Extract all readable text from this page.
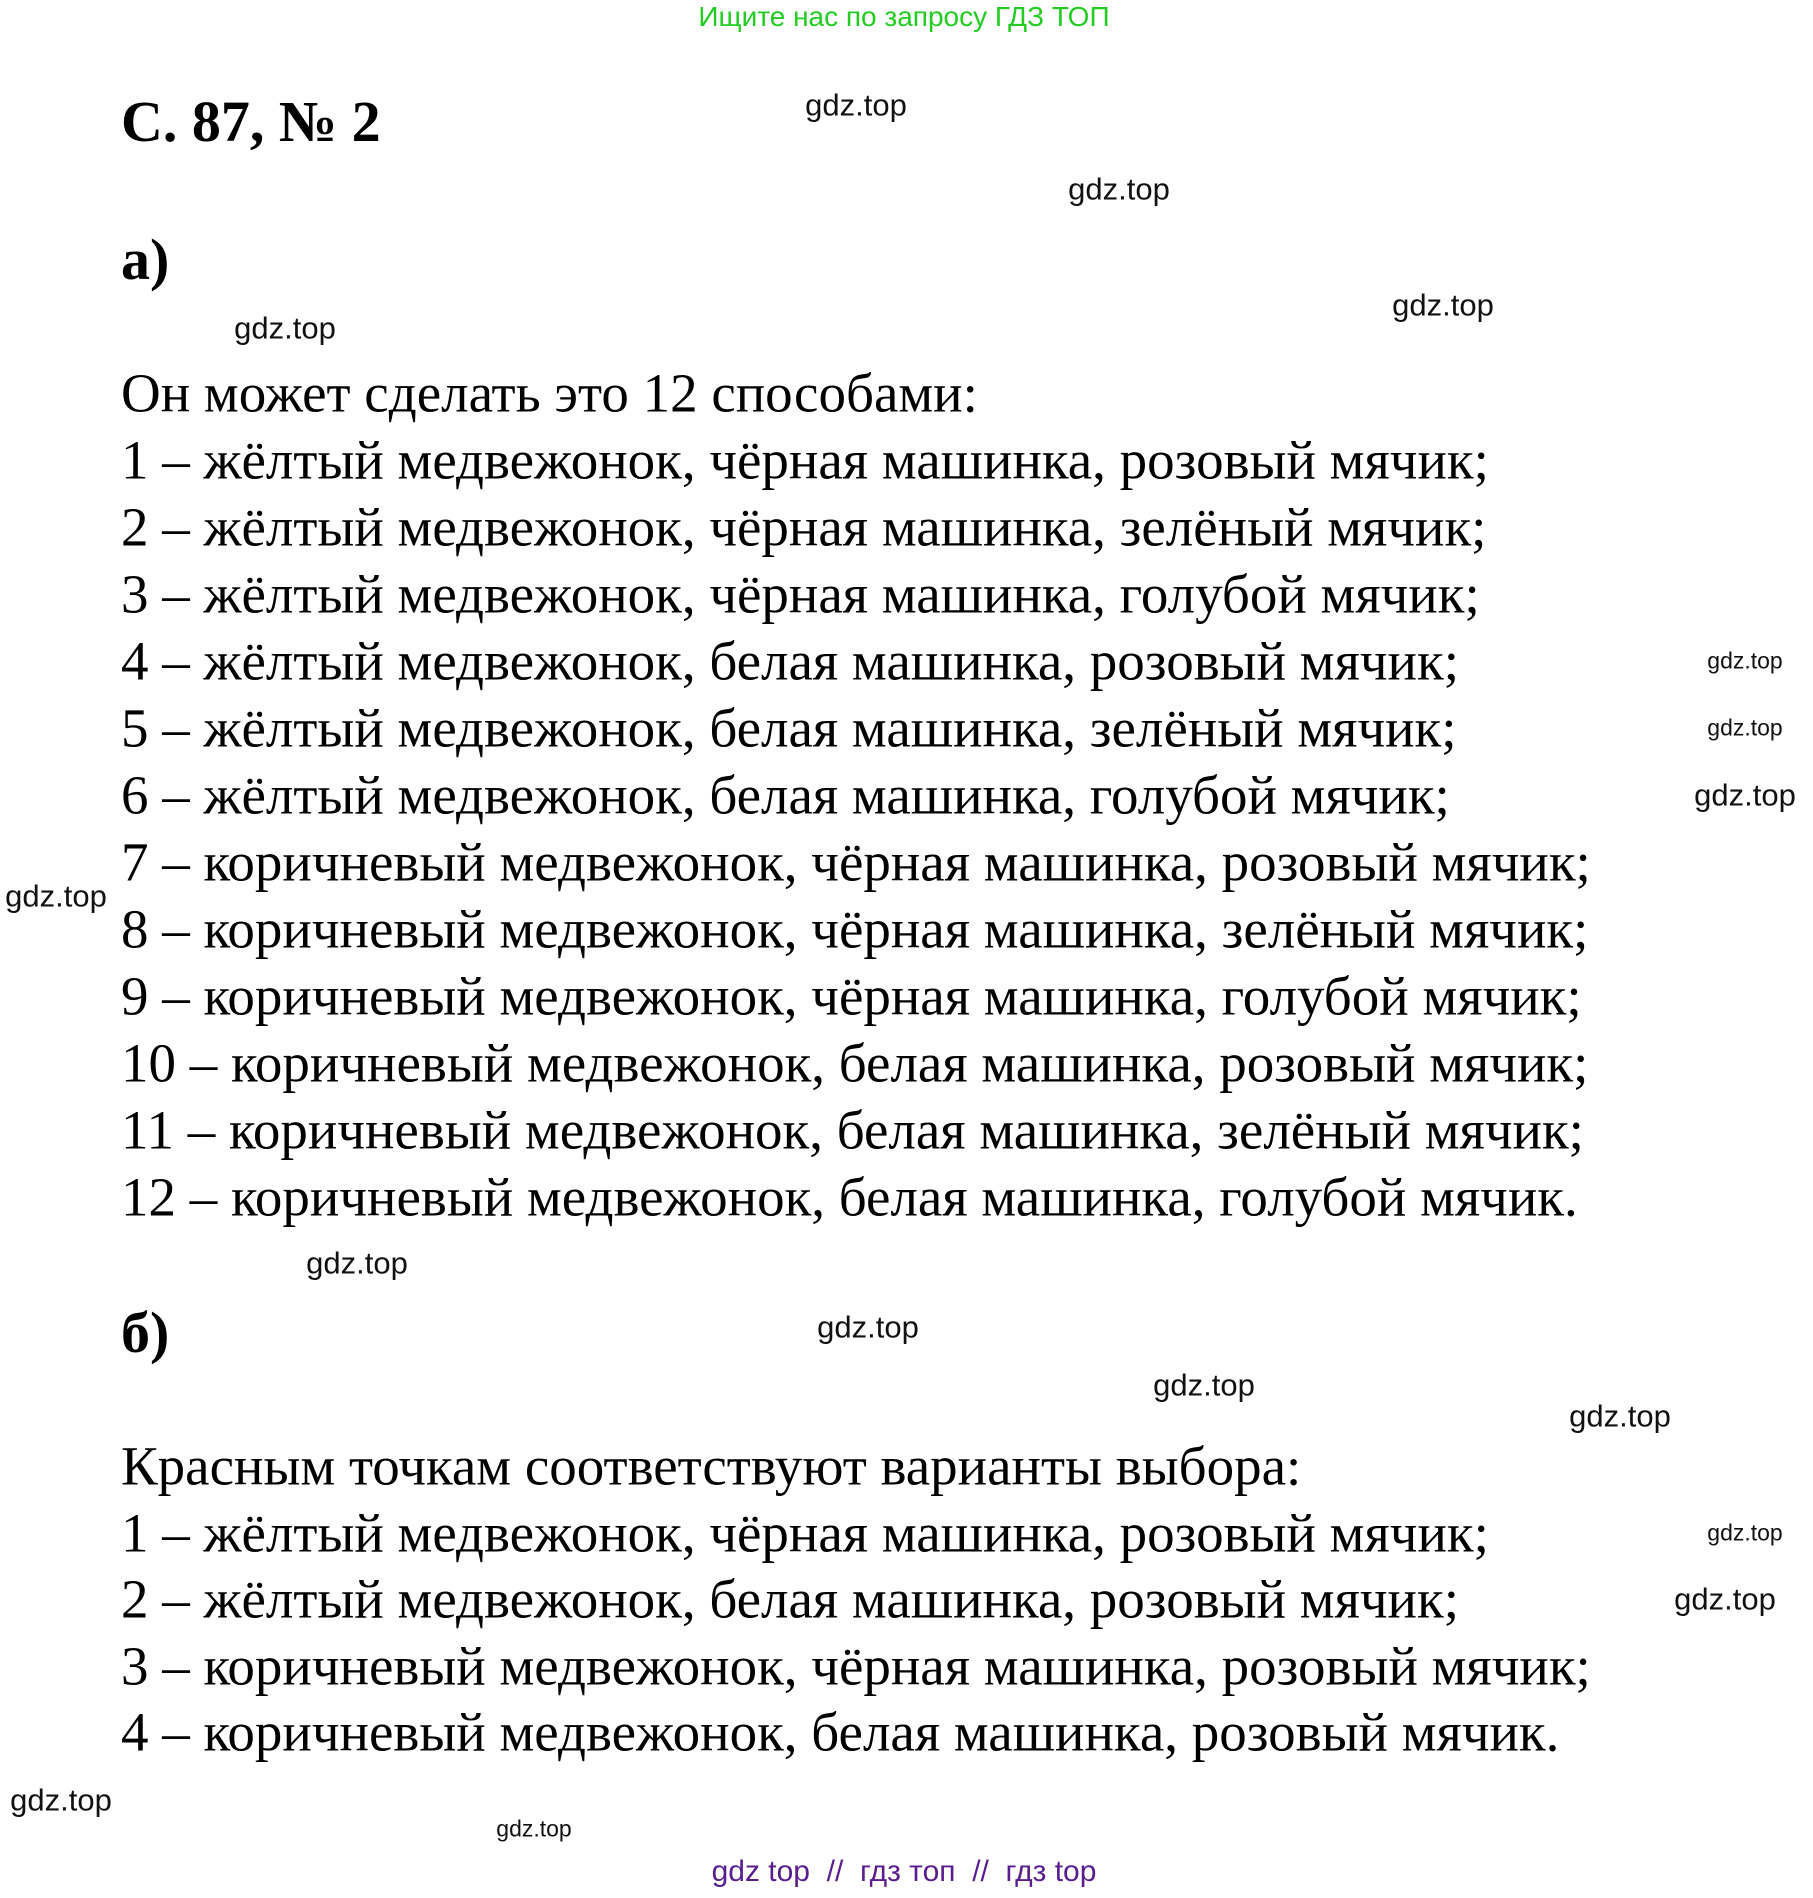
Ищите нас по запросу ГДЗ ТОП
С. 87, № 2
а)
Он может сделать это 12 способами:
1 – жёлтый медвежонок, чёрная машинка, розовый мячик;
2 – жёлтый медвежонок, чёрная машинка, зелёный мячик;
3 – жёлтый медвежонок, чёрная машинка, голубой мячик;
4 – жёлтый медвежонок, белая машинка, розовый мячик;
5 – жёлтый медвежонок, белая машинка, зелёный мячик;
6 – жёлтый медвежонок, белая машинка, голубой мячик;
7 – коричневый медвежонок, чёрная машинка, розовый мячик;
8 – коричневый медвежонок, чёрная машинка, зелёный мячик;
9 – коричневый медвежонок, чёрная машинка, голубой мячик;
10 – коричневый медвежонок, белая машинка, розовый мячик;
11 – коричневый медвежонок, белая машинка, зелёный мячик;
12 – коричневый медвежонок, белая машинка, голубой мячик.
б)
Красным точкам соответствуют варианты выбора:
1 – жёлтый медвежонок, чёрная машинка, розовый мячик;
2 – жёлтый медвежонок, белая машинка, розовый мячик;
3 – коричневый медвежонок, чёрная машинка, розовый мячик;
4 – коричневый медвежонок, белая машинка, розовый мячик.
gdz.top
gdz.top
gdz.top
gdz.top
gdz.top
gdz.top
gdz.top
gdz.top
gdz.top
gdz.top
gdz.top
gdz.top
gdz.top
gdz.top
gdz.top
gdz.top
gdz top  //  гдз топ  //  гдз top
